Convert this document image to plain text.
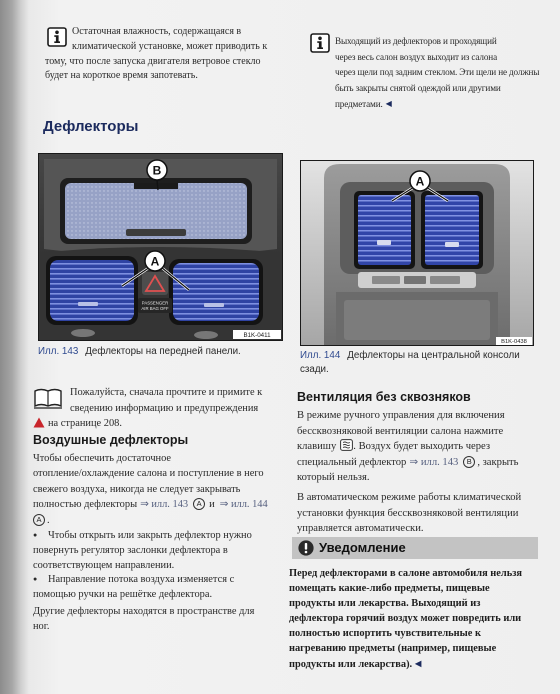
Остаточная влажность, содержащаяся в
климатической установке, может приводить к
тому, что после запуска двигателя ветровое стекло
будет на короткое время запотевать.
Выходящий из дефлекторов и проходящий
через весь салон воздух выходит из салона
через щели под задним стеклом. Эти щели не должны
быть закрыты снятой одеждой или другими
предметами. ◀
Дефлекторы
PASSENGER
AIR BAG OFF
B
A
B1K-0411
Илл. 143 Дефлекторы на передней панели.
A
B1K-0438
Илл. 144 Дефлекторы на центральной консоли
сзади.
Пожалуйста, сначала прочтите и примите к
сведению информацию и предупреждения
на странице 208.
Воздушные дефлекторы
Чтобы обеспечить достаточное
отопление/охлаждение салона и поступление в него
свежего воздуха, никогда не следует закрывать
полностью дефлекторы ⇒ илл. 143 A и ⇒ илл. 144
A .
● Чтобы открыть или закрыть дефлектор нужно
повернуть регулятор заслонки дефлектора в
соответствующем направлении.
● Направление потока воздуха изменяется с
помощью ручки на решётке дефлектора.
Другие дефлекторы находятся в пространстве для
ног.
Вентиляция без сквозняков
В режиме ручного управления для включения
бессквозняковой вентиляции салона нажмите
клавишу . Воздух будет выходить через
специальный дефлектор ⇒ илл. 143 B , закрыть
который нельзя.
В автоматическом режиме работы климатической
установки функция бессквозняковой вентиляции
управляется автоматически.
Уведомление
Перед дефлекторами в салоне автомобиля нельзя
помещать какие-либо предметы, пищевые
продукты или лекарства. Выходящий из
дефлектора горячий воздух может повредить или
полностью испортить чувствительные к
нагреванию предметы (например, пищевые
продукты или лекарства). ◀
